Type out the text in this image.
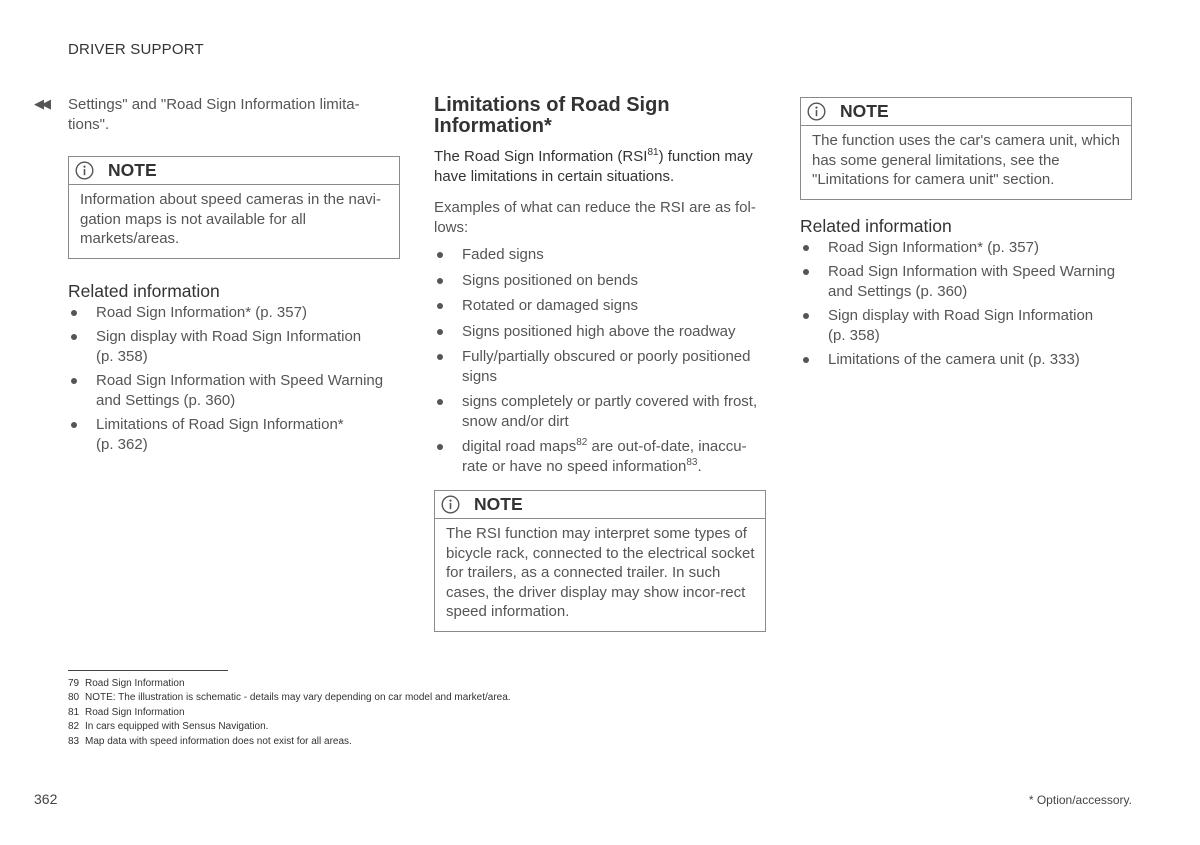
DRIVER SUPPORT
◀◀ Settings" and "Road Sign Information limita-tions".

NOTE
Information about speed cameras in the navi-gation maps is not available for all markets/areas.
Related information
Road Sign Information* (p. 357)
Sign display with Road Sign Information (p. 358)
Road Sign Information with Speed Warning and Settings (p. 360)
Limitations of Road Sign Information* (p. 362)
Limitations of Road Sign Information*

The Road Sign Information (RSI$^{81}$) function may have limitations in certain situations.

Examples of what can reduce the RSI are as fol-lows:

Faded signs
Signs positioned on bends
Rotated or damaged signs
Signs positioned high above the roadway
Fully/partially obscured or poorly positioned signs
signs completely or partly covered with frost, snow and/or dirt
digital road maps$^{82}$ are out-of-date, inaccu-rate or have no speed information$^{83}$.
NOTE
The RSI function may interpret some types of bicycle rack, connected to the electrical socket for trailers, as a connected trailer. In such cases, the driver display may show incor-rect speed information.
NOTE
The function uses the car's camera unit, which has some general limitations, see the "Limitations for camera unit" section.
Related information
Road Sign Information* (p. 357)
Road Sign Information with Speed Warning and Settings (p. 360)
Sign display with Road Sign Information (p. 358)
Limitations of the camera unit (p. 333)
79 Road Sign Information
80 NOTE: The illustration is schematic - details may vary depending on car model and market/area.
81 Road Sign Information
82 In cars equipped with Sensus Navigation.
83 Map data with speed information does not exist for all areas.
362	* Option/accessory.
